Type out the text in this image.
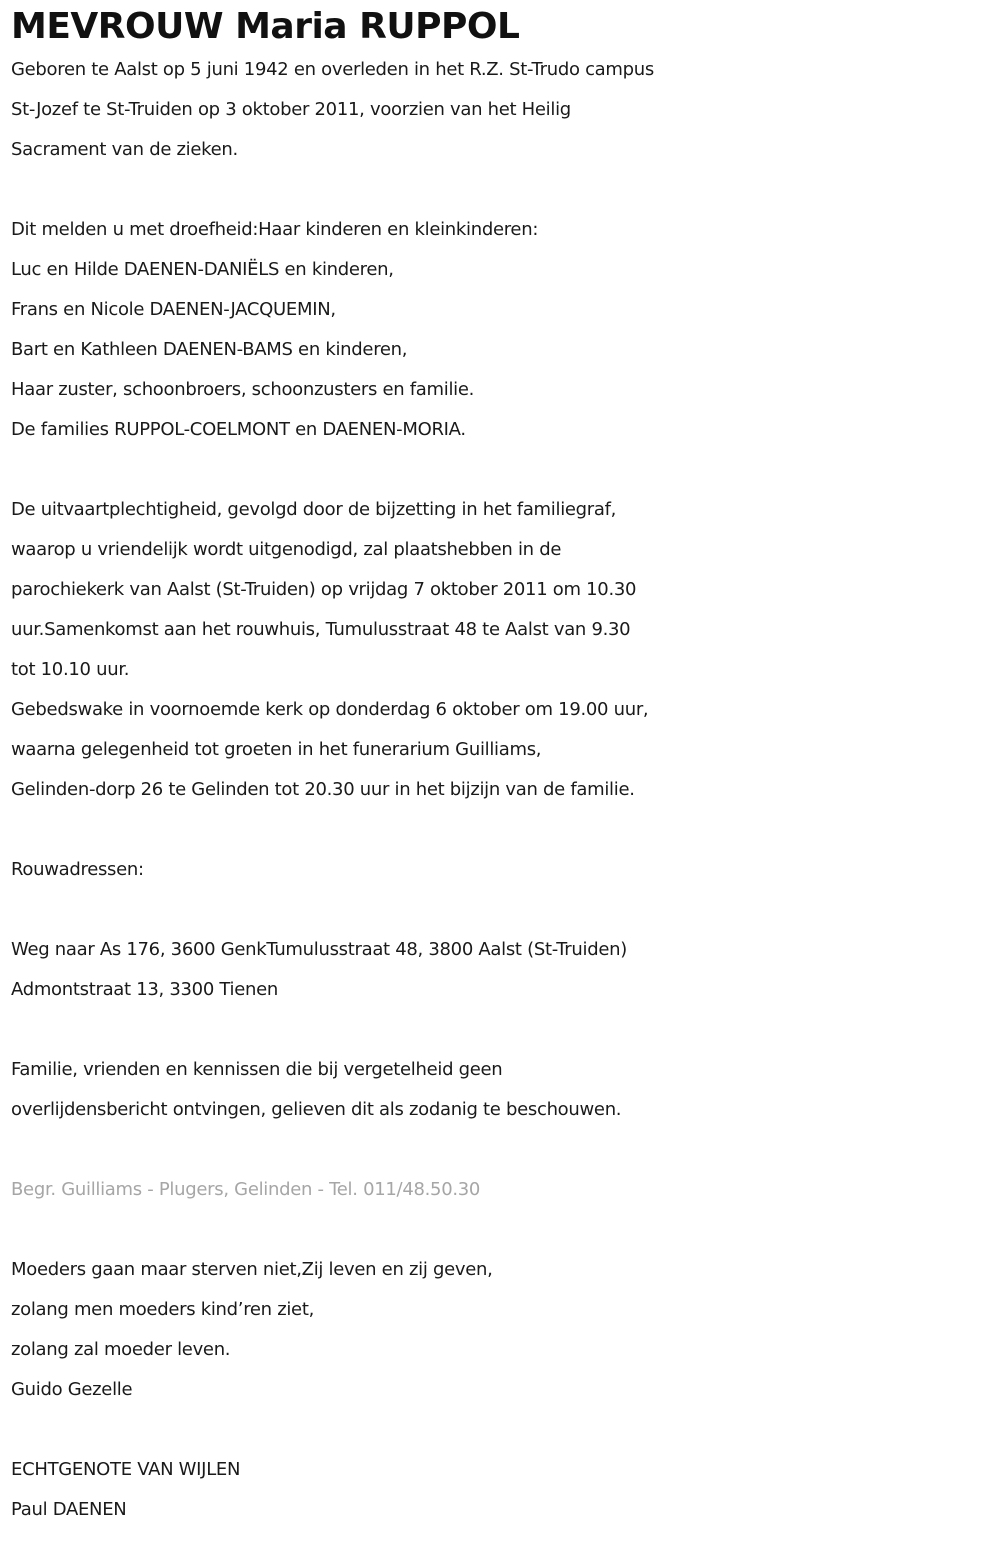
MEVROUW Maria RUPPOL
Geboren te Aalst op 5 juni 1942 en overleden in het R.Z. St-Trudo campus
St-Jozef te St-Truiden op 3 oktober 2011, voorzien van het Heilig
Sacrament van de zieken.
Dit melden u met droefheid:Haar kinderen en kleinkinderen:
Luc en Hilde DAENEN-DANIËLS en kinderen,
Frans en Nicole DAENEN-JACQUEMIN,
Bart en Kathleen DAENEN-BAMS en kinderen,
Haar zuster, schoonbroers, schoonzusters en familie.
De families RUPPOL-COELMONT en DAENEN-MORIA.
De uitvaartplechtigheid, gevolgd door de bijzetting in het familiegraf,
waarop u vriendelijk wordt uitgenodigd, zal plaatshebben in de
parochiekerk van Aalst (St-Truiden) op vrijdag 7 oktober 2011 om 10.30
uur.Samenkomst aan het rouwhuis, Tumulusstraat 48 te Aalst van 9.30
tot 10.10 uur.
Gebedswake in voornoemde kerk op donderdag 6 oktober om 19.00 uur,
waarna gelegenheid tot groeten in het funerarium Guilliams,
Gelinden-dorp 26 te Gelinden tot 20.30 uur in het bijzijn van de familie.
Rouwadressen:
Weg naar As 176, 3600 GenkTumulusstraat 48, 3800 Aalst (St-Truiden)
Admontstraat 13, 3300 Tienen
Familie, vrienden en kennissen die bij vergetelheid geen
overlijdensbericht ontvingen, gelieven dit als zodanig te beschouwen.
Begr. Guilliams - Plugers, Gelinden - Tel. 011/48.50.30
Moeders gaan maar sterven niet,Zij leven en zij geven,
zolang men moeders kind’ren ziet,
zolang zal moeder leven.
Guido Gezelle
ECHTGENOTE VAN WIJLEN
Paul DAENEN
